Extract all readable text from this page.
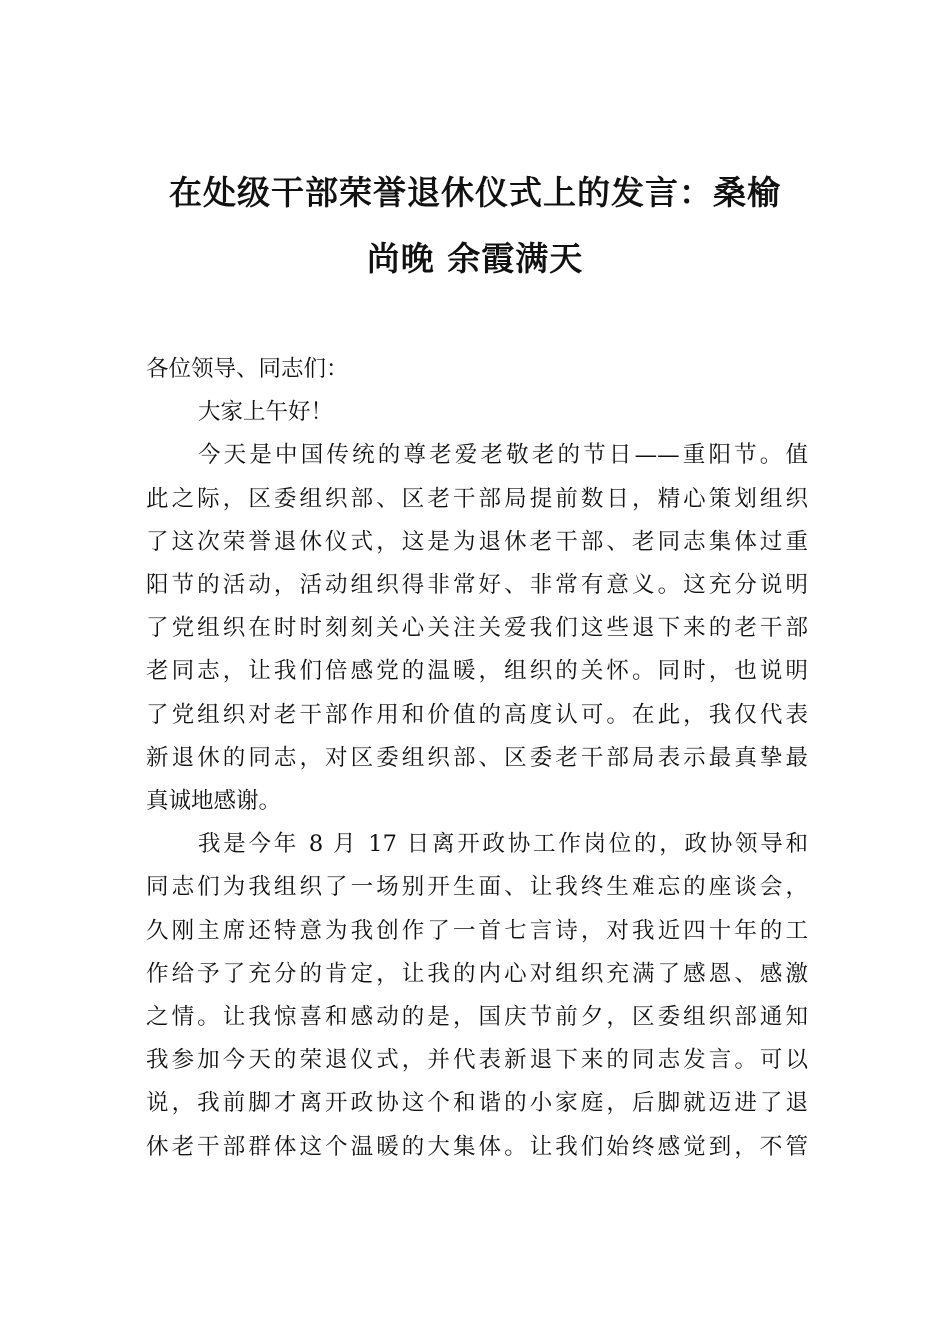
在处级干部荣誉退休仪式上的发言：桑榆
尚晚 余霞满天
各位领导、同志们：
大家上午好！
今天是中国传统的尊老爱老敬老的节日——重阳节。值
此之际，区委组织部、区老干部局提前数日，精心策划组织
了这次荣誉退休仪式，这是为退休老干部、老同志集体过重
阳节的活动，活动组织得非常好、非常有意义。这充分说明
了党组织在时时刻刻关心关注关爱我们这些退下来的老干部
老同志，让我们倍感党的温暖，组织的关怀。同时，也说明
了党组织对老干部作用和价值的高度认可。在此，我仅代表
新退休的同志，对区委组织部、区委老干部局表示最真挚最
真诚地感谢。
我是今年 8 月 17 日离开政协工作岗位的，政协领导和
同志们为我组织了一场别开生面、让我终生难忘的座谈会，
久刚主席还特意为我创作了一首七言诗，对我近四十年的工
作给予了充分的肯定，让我的内心对组织充满了感恩、感激
之情。让我惊喜和感动的是，国庆节前夕，区委组织部通知
我参加今天的荣退仪式，并代表新退下来的同志发言。可以
说，我前脚才离开政协这个和谐的小家庭，后脚就迈进了退
休老干部群体这个温暖的大集体。让我们始终感觉到，不管
